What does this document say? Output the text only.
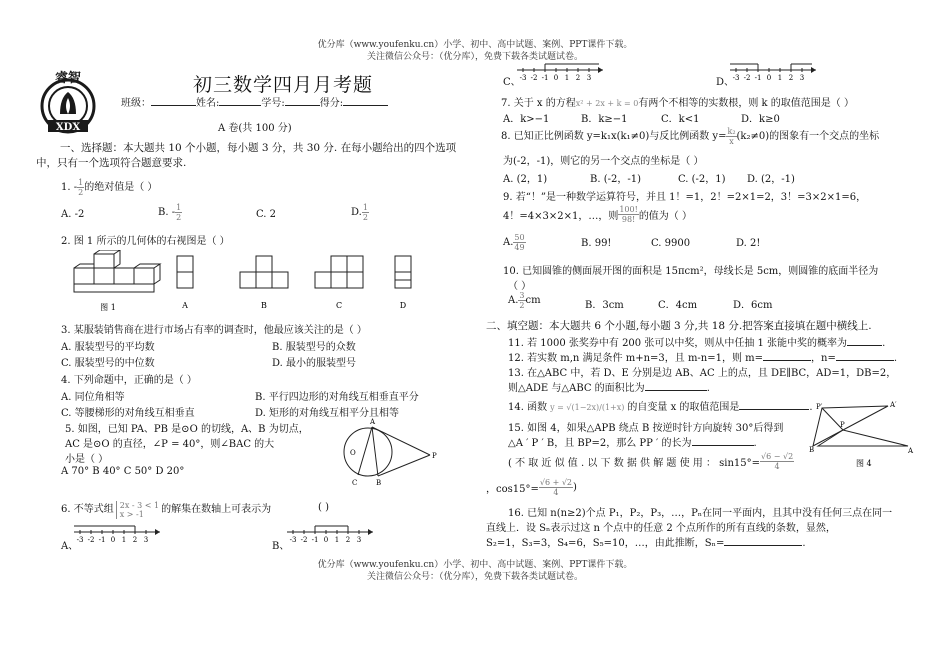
优分库（www.youfenku.cn）小学、初中、高中试题、案例、PPT课件下载。
关注微信公众号：（优分库），免费下载各类试题试卷。
睿智
XDX
初三数学四月月考题
班级：	姓名:	学号:	得分:
A 卷(共 100 分)
一、选择题：本大题共 10 个小题，每小题 3 分，共 30 分. 在每小题给出的四个选项
中，只有一个选项符合题意要求.
1. - $\frac{1}{2}$ 的绝对值是（ ）
A. -2	B. - $\frac{1}{2}$	C. 2	D. $\frac{1}{2}$
2. 图 1 所示的几何体的右视图是（ ）
图 1	A	B	C	D
3. 某服装销售商在进行市场占有率的调查时，他最应该关注的是（ ）
A. 服装型号的平均数	B. 服装型号的众数
C. 服装型号的中位数	D. 最小的服装型号
4. 下列命题中，正确的是（ ）
A. 同位角相等	B. 平行四边形的对角线互相垂直平分
C. 等腰梯形的对角线互相垂直	D. 矩形的对角线互相平分且相等
5. 如图，已知 PA、PB 是⊙O 的切线，A、B 为切点，
AC 是⊙O 的直径，∠P = 40°，则∠BAC 的大
小是（ ）
A 70° B 40° C 50° D 20°
A
O
C	B
P
6. 不等式组 2x - 3 < 1
x > -1	的解集在数轴上可表示为	( )
A、
-3 -2 -1 0 1 2 3
B、
-3 -2 -1 0 1 2 3
C、
-3 -2 -1 0 1 2 3	D、
-3 -2 -1 0 1 2 3
7. 关于 x 的方程x² + 2x + k = 0有两个不相等的实数根，则 k 的取值范围是（ ）
A．k>−1	B．k≥−1	C．k<1	D．k≥0
8. 已知正比例函数 y=k₁x(k₁≠0)与反比例函数 $y= \frac{\text{k₂}}{x} (k_2\ne 0)$的图象有一个交点的坐标
为(-2，-1)，则它的另一个交点的坐标是（ ）
A. (2，1)	B. (-2，-1)	C. (-2，1) D. (2，-1)
9. 若“！”是一种数学运算符号，并且 1！=1，2！=2×1=2，3！=3×2×1=6，
4！=4×3×2×1，…，则 $\frac{100!}{98!}$ 的值为（ ）
A. $\frac{50}{49}$	B. 99!	C. 9900	D. 2!
10. 已知圆锥的侧面展开图的面积是 15πcm²，母线长是 5cm，则圆锥的底面半径为
（ ）
A. $\frac{3}{2}$ cm	B．3cm	C．4cm	D．6cm
二、填空题：本大题共 6 个小题,每小题 3 分,共 18 分.把答案直接填在题中横线上.
11. 若 1000 张奖券中有 200 张可以中奖，则从中任抽 1 张能中奖的概率为	.
12. 若实数 m,n 满足条件 m+n=3，且 m-n=1，则 m=	，n=	.
13. 在△ABC 中，若 D、E 分别是边 AB、AC 上的点，且 DE∥BC，AD=1，DB=2，
则△ADE 与△ABC 的面积比为	.
14. 函数 y = √(1−2x)/(1+x) 的自变量 x 的取值范围是	.
15. 如图 4，如果△APB 绕点 B 按逆时针方向旋转 30°后得到
△A ′ P ′ B，且 BP=2，那么 PP ′ 的长为	.
( 不 取 近 似 值 . 以 下 数 据 供 解 题 使 用 ： $\sin 15^\circ= \frac{√6 - √2}{4}$
，$\cos 15^\circ= \frac{√6 + √2}{4}$ )
P′	A′
B
P
A
图 4
16. 已知 n(n≥2)个点 P₁，P₂，P₃，…，Pₙ在同一平面内，且其中没有任何三点在同一
直线上．设 Sₙ表示过这 n 个点中的任意 2 个点所作的所有直线的条数，显然，
S₂=1，S₃=3，S₄=6，S₅=10，…，由此推断，Sₙ=	.
优分库（www.youfenku.cn）小学、初中、高中试题、案例、PPT课件下载。
关注微信公众号：（优分库），免费下载各类试题试卷。
